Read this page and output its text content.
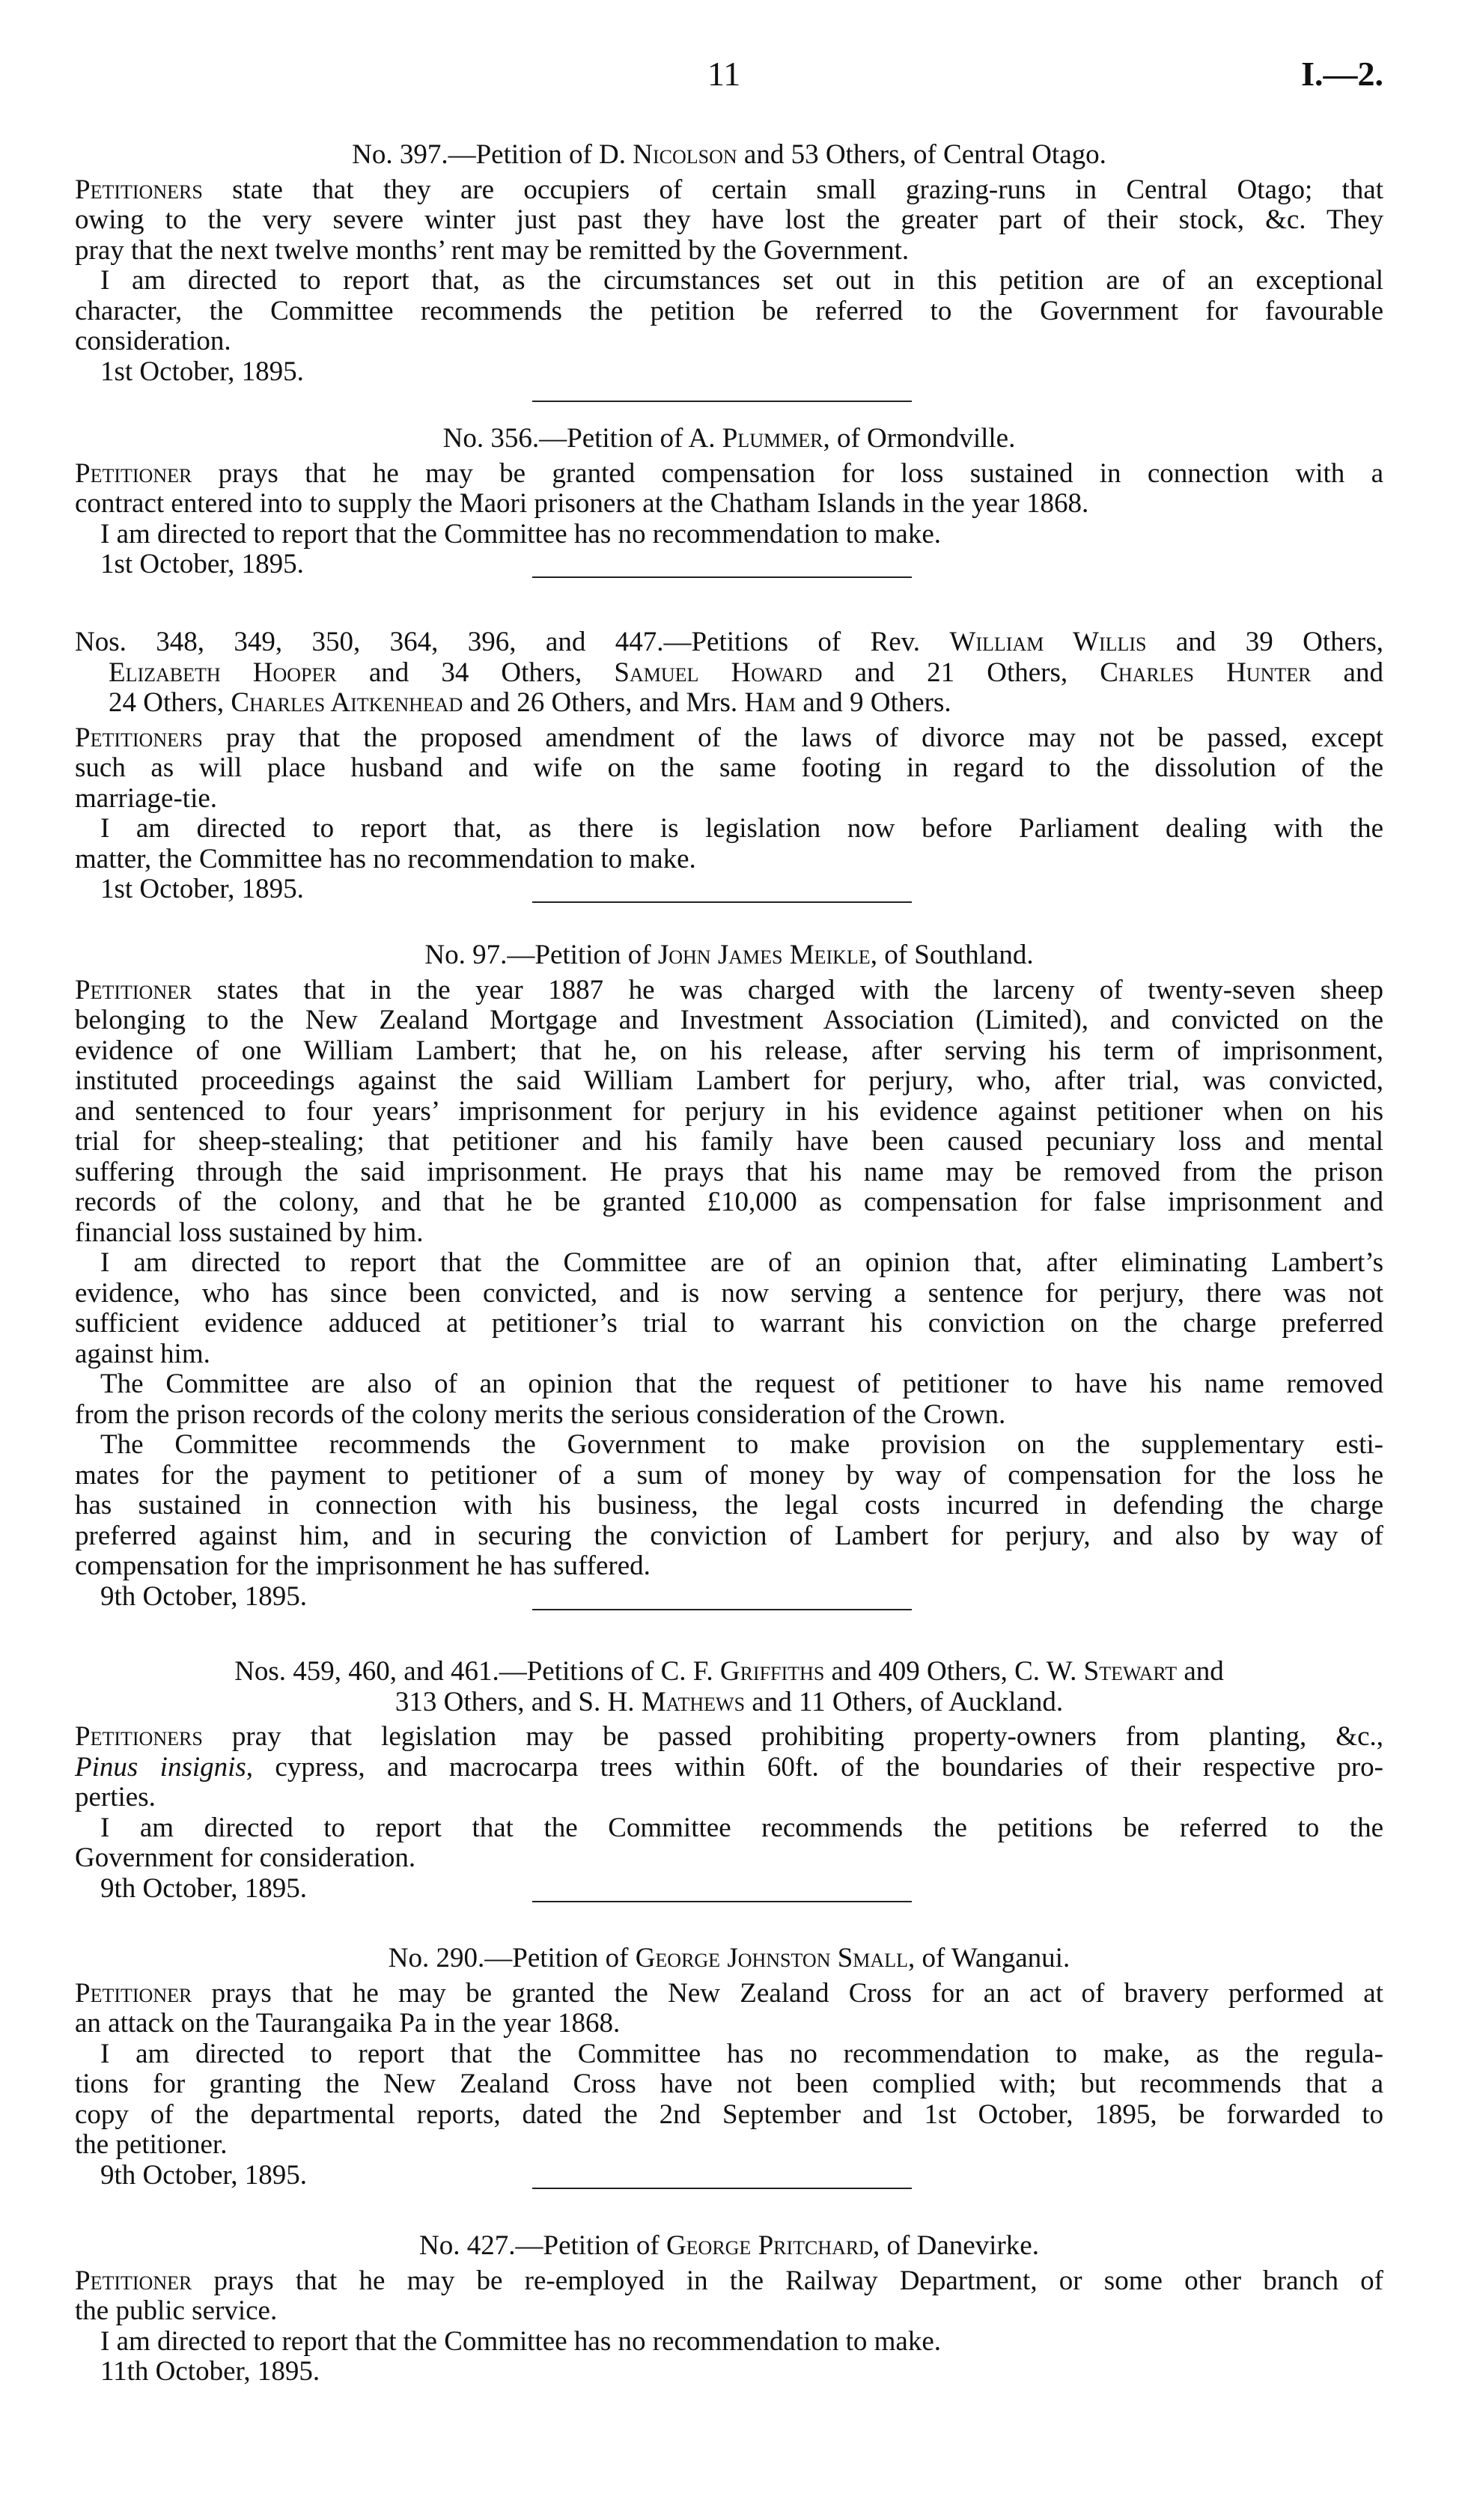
11	I.—2.
No. 397.—Petition of D. Nicolson and 53 Others, of Central Otago.
Petitioners state that they are occupiers of certain small grazing-runs in Central Otago; that
owing to the very severe winter just past they have lost the greater part of their stock, &c. They
pray that the next twelve months’ rent may be remitted by the Government.
I am directed to report that, as the circumstances set out in this petition are of an exceptional
character, the Committee recommends the petition be referred to the Government for favourable
consideration.
1st October, 1895.
No. 356.—Petition of A. Plummer, of Ormondville.
Petitioner prays that he may be granted compensation for loss sustained in connection with a
contract entered into to supply the Maori prisoners at the Chatham Islands in the year 1868.
I am directed to report that the Committee has no recommendation to make.
1st October, 1895.
Nos. 348, 349, 350, 364, 396, and 447.—Petitions of Rev. William Willis and 39 Others,
Elizabeth Hooper and 34 Others, Samuel Howard and 21 Others, Charles Hunter and
24 Others, Charles Aitkenhead and 26 Others, and Mrs. Ham and 9 Others.
Petitioners pray that the proposed amendment of the laws of divorce may not be passed, except
such as will place husband and wife on the same footing in regard to the dissolution of the
marriage-tie.
I am directed to report that, as there is legislation now before Parliament dealing with the
matter, the Committee has no recommendation to make.
1st October, 1895.
No. 97.—Petition of John James Meikle, of Southland.
Petitioner states that in the year 1887 he was charged with the larceny of twenty-seven sheep
belonging to the New Zealand Mortgage and Investment Association (Limited), and convicted on the
evidence of one William Lambert; that he, on his release, after serving his term of imprisonment,
instituted proceedings against the said William Lambert for perjury, who, after trial, was convicted,
and sentenced to four years’ imprisonment for perjury in his evidence against petitioner when on his
trial for sheep-stealing; that petitioner and his family have been caused pecuniary loss and mental
suffering through the said imprisonment. He prays that his name may be removed from the prison
records of the colony, and that he be granted £10,000 as compensation for false imprisonment and
financial loss sustained by him.
I am directed to report that the Committee are of an opinion that, after eliminating Lambert’s
evidence, who has since been convicted, and is now serving a sentence for perjury, there was not
sufficient evidence adduced at petitioner’s trial to warrant his conviction on the charge preferred
against him.
The Committee are also of an opinion that the request of petitioner to have his name removed
from the prison records of the colony merits the serious consideration of the Crown.
The Committee recommends the Government to make provision on the supplementary esti-
mates for the payment to petitioner of a sum of money by way of compensation for the loss he
has sustained in connection with his business, the legal costs incurred in defending the charge
preferred against him, and in securing the conviction of Lambert for perjury, and also by way of
compensation for the imprisonment he has suffered.
9th October, 1895.
Nos. 459, 460, and 461.—Petitions of C. F. Griffiths and 409 Others, C. W. Stewart and
313 Others, and S. H. Mathews and 11 Others, of Auckland.
Petitioners pray that legislation may be passed prohibiting property-owners from planting, &c.,
Pinus insignis, cypress, and macrocarpa trees within 60ft. of the boundaries of their respective pro-
perties.
I am directed to report that the Committee recommends the petitions be referred to the
Government for consideration.
9th October, 1895.
No. 290.—Petition of George Johnston Small, of Wanganui.
Petitioner prays that he may be granted the New Zealand Cross for an act of bravery performed at
an attack on the Taurangaika Pa in the year 1868.
I am directed to report that the Committee has no recommendation to make, as the regula-
tions for granting the New Zealand Cross have not been complied with; but recommends that a
copy of the departmental reports, dated the 2nd September and 1st October, 1895, be forwarded to
the petitioner.
9th October, 1895.
No. 427.—Petition of George Pritchard, of Danevirke.
Petitioner prays that he may be re-employed in the Railway Department, or some other branch of
the public service.
I am directed to report that the Committee has no recommendation to make.
11th October, 1895.
